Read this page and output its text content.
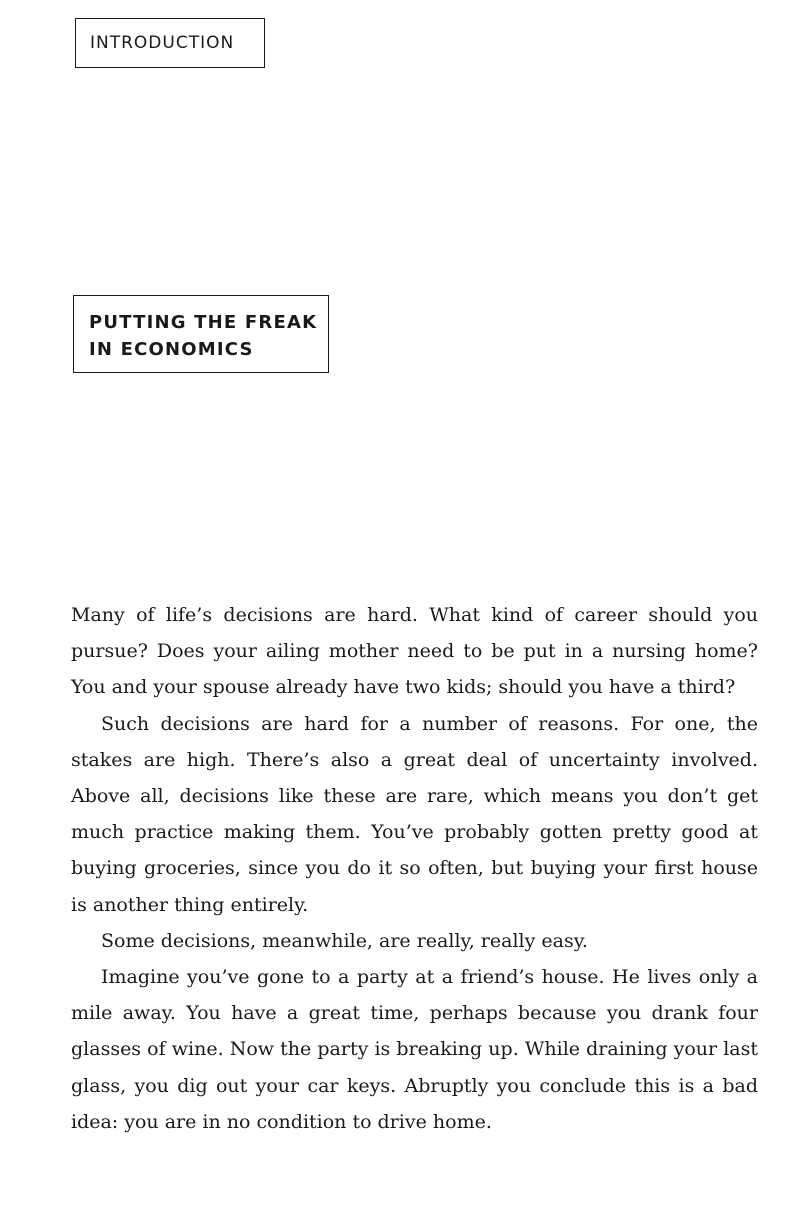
INTRODUCTION
PUTTING THE FREAK
IN ECONOMICS

Many of life’s decisions are hard. What kind of career should you pursue? Does your ailing mother need to be put in a nursing home? You and your spouse already have two kids; should you have a third?

Such decisions are hard for a number of reasons. For one, the stakes are high. There’s also a great deal of uncertainty involved. Above all, decisions like these are rare, which means you don’t get much practice making them. You’ve probably gotten pretty good at buying groceries, since you do it so often, but buying your first house is another thing entirely.

Some decisions, meanwhile, are really, really easy.

Imagine you’ve gone to a party at a friend’s house. He lives only a mile away. You have a great time, perhaps because you drank four glasses of wine. Now the party is breaking up. While draining your last glass, you dig out your car keys. Abruptly you conclude this is a bad idea: you are in no condition to drive home.
